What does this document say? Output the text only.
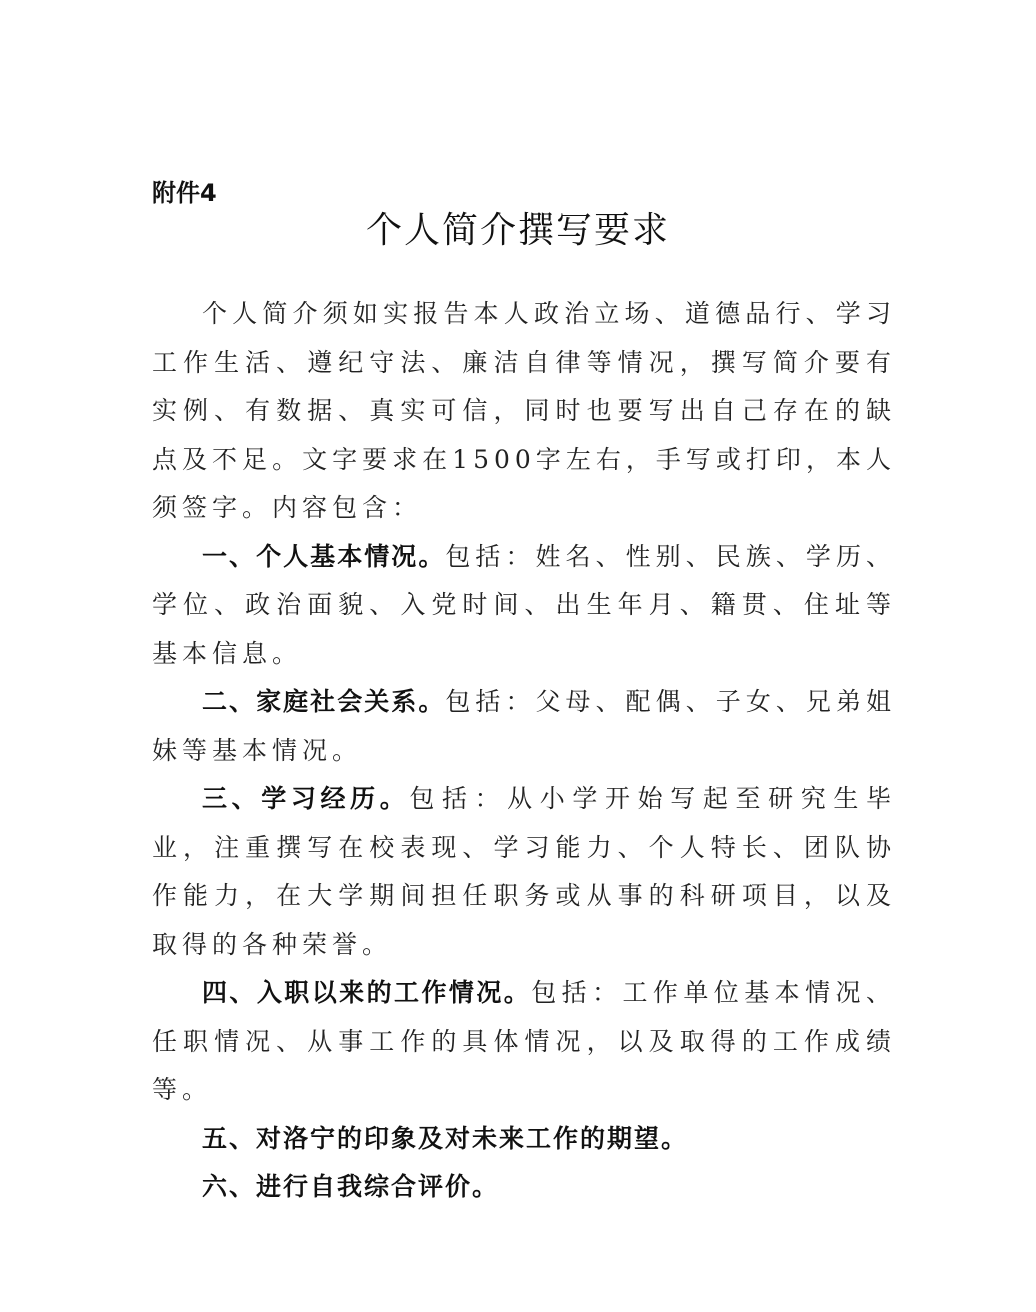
附件4
个人简介撰写要求

个人简介须如实报告本人政治立场、道德品行、学习工作生活、遵纪守法、廉洁自律等情况，撰写简介要有实例、有数据、真实可信，同时也要写出自己存在的缺点及不足。文字要求在1500字左右，手写或打印，本人须签字。内容包含：

一、个人基本情况。包括：姓名、性别、民族、学历、学位、政治面貌、入党时间、出生年月、籍贯、住址等基本信息。

二、家庭社会关系。包括：父母、配偶、子女、兄弟姐妹等基本情况。

三、学习经历。包括：从小学开始写起至研究生毕业，注重撰写在校表现、学习能力、个人特长、团队协作能力，在大学期间担任职务或从事的科研项目，以及取得的各种荣誉。

四、入职以来的工作情况。包括：工作单位基本情况、任职情况、从事工作的具体情况，以及取得的工作成绩等。

五、对洛宁的印象及对未来工作的期望。

六、进行自我综合评价。
